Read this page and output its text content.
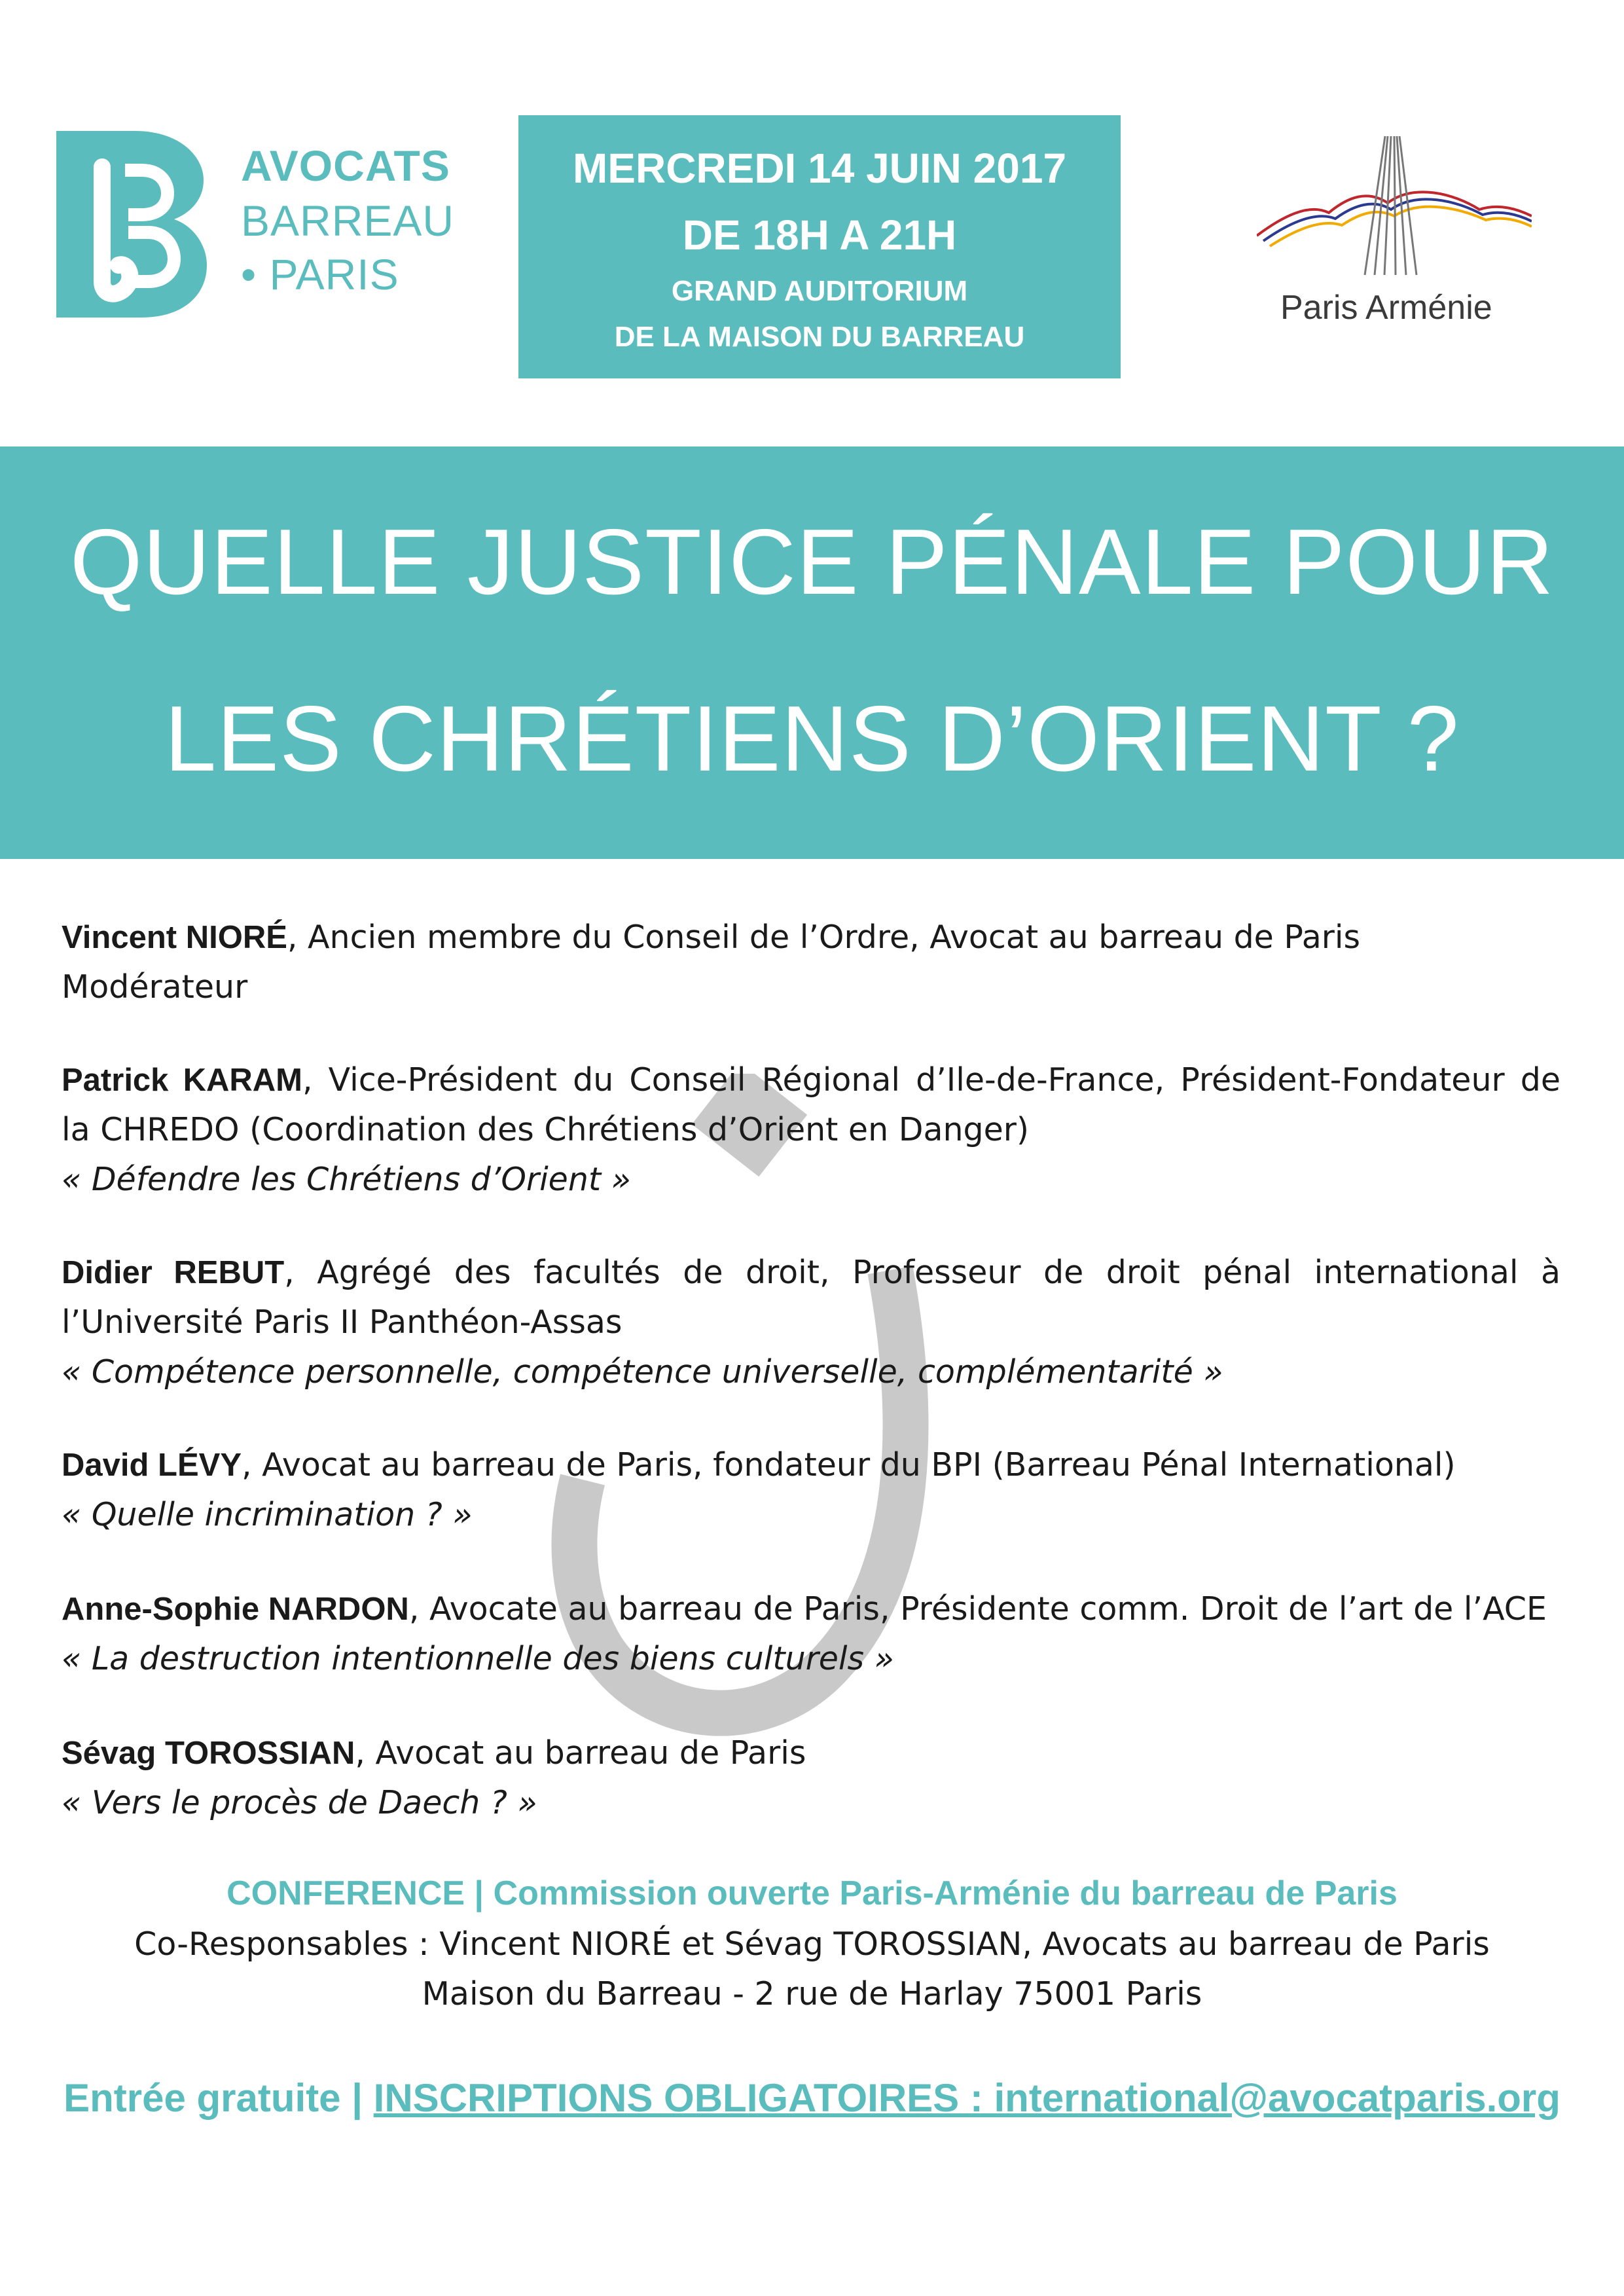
AVOCATS
BARREAU
• PARIS
MERCREDI 14 JUIN 2017
DE 18H A 21H
GRAND AUDITORIUM
DE LA MAISON DU BARREAU
Paris Arménie
QUELLE JUSTICE PÉNALE POUR
LES CHRÉTIENS D’ORIENT ?
Vincent NIORÉ, Ancien membre du Conseil de l’Ordre, Avocat au barreau de Paris
Modérateur
Patrick KARAM, Vice-Président du Conseil Régional d’Ile-de-France, Président-Fondateur de
la CHREDO (Coordination des Chrétiens d’Orient en Danger)
« Défendre les Chrétiens d’Orient »
Didier REBUT, Agrégé des facultés de droit, Professeur de droit pénal international à
l’Université Paris II Panthéon-Assas
« Compétence personnelle, compétence universelle, complémentarité »
David LÉVY, Avocat au barreau de Paris, fondateur du BPI (Barreau Pénal International)
« Quelle incrimination ? »
Anne-Sophie NARDON, Avocate au barreau de Paris, Présidente comm. Droit de l’art de l’ACE
« La destruction intentionnelle des biens culturels »
Sévag TOROSSIAN, Avocat au barreau de Paris
« Vers le procès de Daech ? »
CONFERENCE | Commission ouverte Paris-Arménie du barreau de Paris
Co-Responsables : Vincent NIORÉ et Sévag TOROSSIAN, Avocats au barreau de Paris
Maison du Barreau - 2 rue de Harlay 75001 Paris
Entrée gratuite | INSCRIPTIONS OBLIGATOIRES : international@avocatparis.org
